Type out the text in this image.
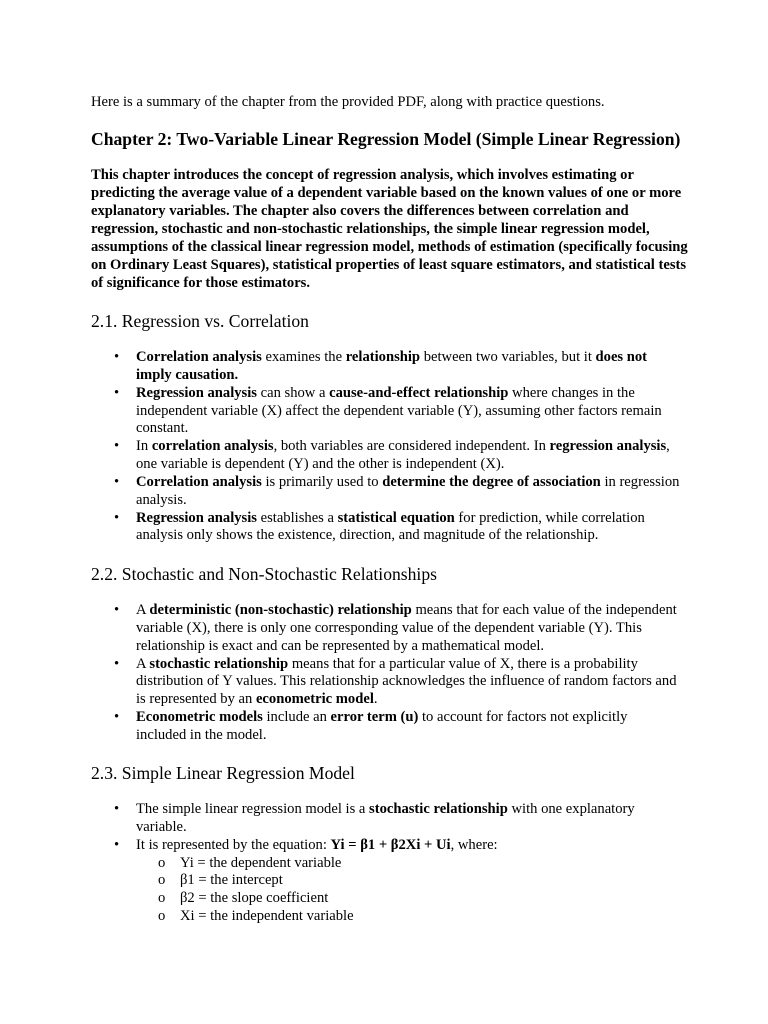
Here is a summary of the chapter from the provided PDF, along with practice questions.

Chapter 2: Two-Variable Linear Regression Model (Simple Linear Regression)

This chapter introduces the concept of regression analysis, which involves estimating or predicting the average value of a dependent variable based on the known values of one or more explanatory variables. The chapter also covers the differences between correlation and regression, stochastic and non-stochastic relationships, the simple linear regression model, assumptions of the classical linear regression model, methods of estimation (specifically focusing on Ordinary Least Squares), statistical properties of least square estimators, and statistical tests of significance for those estimators.

2.1. Regression vs. Correlation
• Correlation analysis examines the relationship between two variables, but it does not imply causation.
• Regression analysis can show a cause-and-effect relationship where changes in the independent variable (X) affect the dependent variable (Y), assuming other factors remain constant.
• In correlation analysis, both variables are considered independent. In regression analysis, one variable is dependent (Y) and the other is independent (X).
• Correlation analysis is primarily used to determine the degree of association in regression analysis.
• Regression analysis establishes a statistical equation for prediction, while correlation analysis only shows the existence, direction, and magnitude of the relationship.
2.2. Stochastic and Non-Stochastic Relationships
• A deterministic (non-stochastic) relationship means that for each value of the independent variable (X), there is only one corresponding value of the dependent variable (Y). This relationship is exact and can be represented by a mathematical model.
• A stochastic relationship means that for a particular value of X, there is a probability distribution of Y values. This relationship acknowledges the influence of random factors and is represented by an econometric model.
• Econometric models include an error term (u) to account for factors not explicitly included in the model.
2.3. Simple Linear Regression Model
• The simple linear regression model is a stochastic relationship with one explanatory variable.
• It is represented by the equation: Yi = β1 + β2Xi + Ui, where:
o Yi = the dependent variable
o β1 = the intercept
o β2 = the slope coefficient
o Xi = the independent variable
